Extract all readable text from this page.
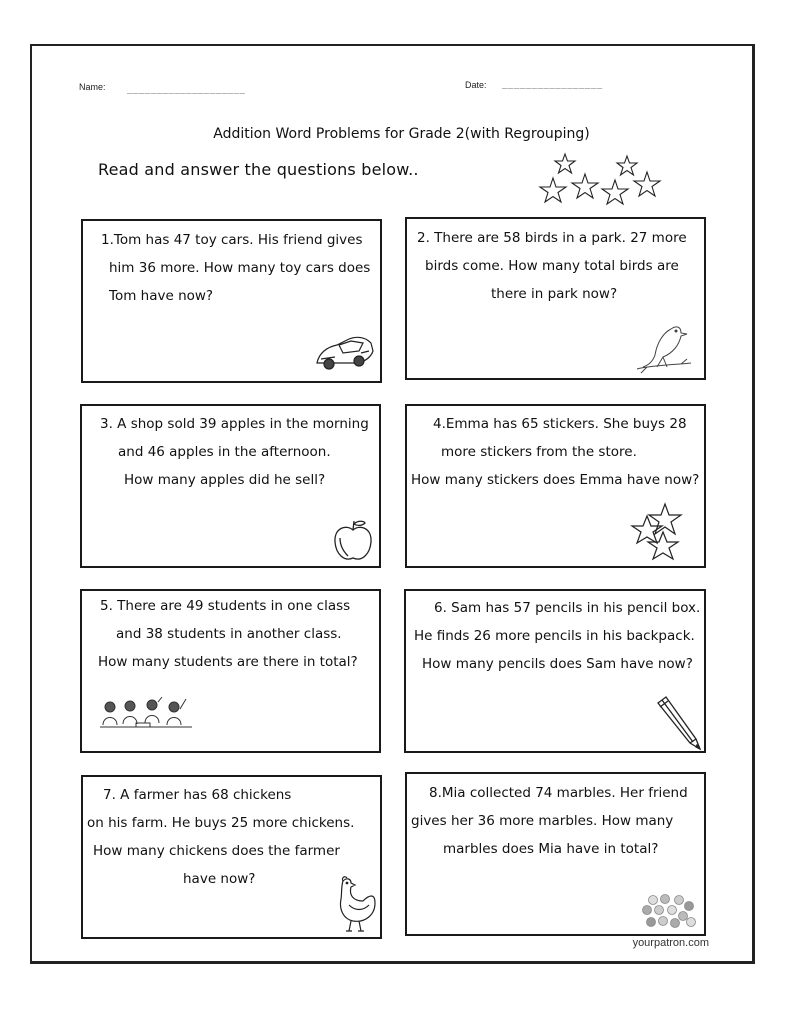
Name: ____________________	Date: _________________
Addition Word Problems for Grade 2(with Regrouping)
Read and answer the questions below..

1.Tom has 47 toy cars. His friend gives

him 36 more. How many toy cars does

Tom have now?

2. There are 58 birds in a park. 27 more

birds come. How many total birds are

there in park now?

3. A shop sold 39 apples in the morning

and 46 apples in the afternoon.

How many apples did he sell?

4.Emma has 65 stickers. She buys 28

more stickers from the store.

How many stickers does Emma have now?

5. There are 49 students in one class

and 38 students in another class.

How many students are there in total?

6. Sam has 57 pencils in his pencil box.

He finds 26 more pencils in his backpack.

How many pencils does Sam have now?

7. A farmer has 68 chickens

on his farm. He buys 25 more chickens.

How many chickens does the farmer

have now?

8.Mia collected 74 marbles. Her friend

gives her 36 more marbles. How many

marbles does Mia have in total?

yourpatron.com
